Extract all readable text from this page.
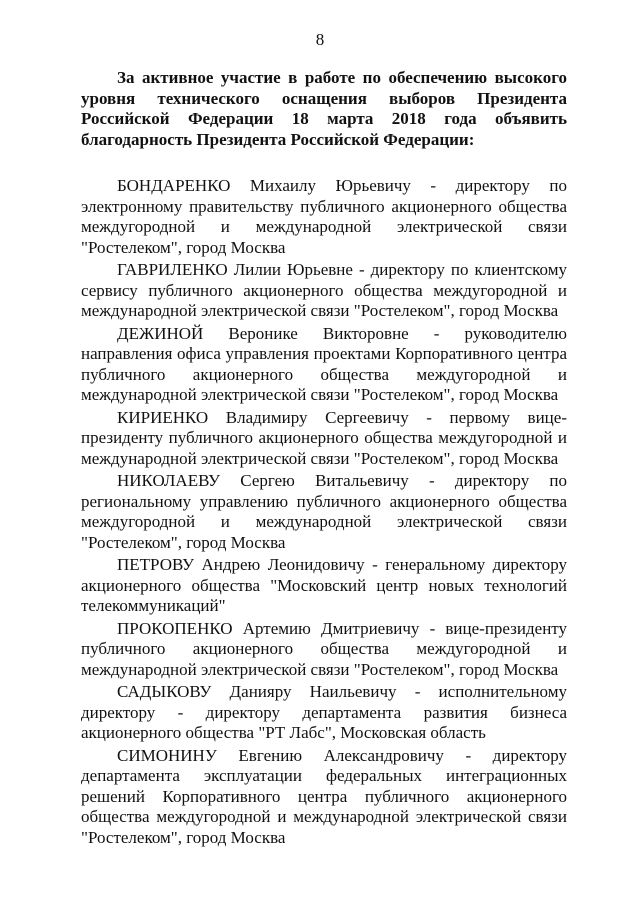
8

За активное участие в работе по обеспечению высокого уровня технического оснащения выборов Президента Российской Федерации 18 марта 2018 года объявить благодарность Президента Российской Федерации:

БОНДАРЕНКО Михаилу Юрьевичу - директору по электронному правительству публичного акционерного общества междугородной и международной электрической связи "Ростелеком", город Москва
ГАВРИЛЕНКО Лилии Юрьевне - директору по клиентскому сервису публичного акционерного общества междугородной и международной электрической связи "Ростелеком", город Москва
ДЕЖИНОЙ Веронике Викторовне - руководителю направления офиса управления проектами Корпоративного центра публичного акционерного общества междугородной и международной электрической связи "Ростелеком", город Москва
КИРИЕНКО Владимиру Сергеевичу - первому вице-президенту публичного акционерного общества междугородной и международной электрической связи "Ростелеком", город Москва
НИКОЛАЕВУ Сергею Витальевичу - директору по региональному управлению публичного акционерного общества междугородной и международной электрической связи "Ростелеком", город Москва
ПЕТРОВУ Андрею Леонидовичу - генеральному директору акционерного общества "Московский центр новых технологий телекоммуникаций"
ПРОКОПЕНКО Артемию Дмитриевичу - вице-президенту публичного акционерного общества междугородной и международной электрической связи "Ростелеком", город Москва
САДЫКОВУ Данияру Наильевичу - исполнительному директору - директору департамента развития бизнеса акционерного общества "РТ Лабс", Московская область
СИМОНИНУ Евгению Александровичу - директору департамента эксплуатации федеральных интеграционных решений Корпоративного центра публичного акционерного общества междугородной и международной электрической связи "Ростелеком", город Москва
